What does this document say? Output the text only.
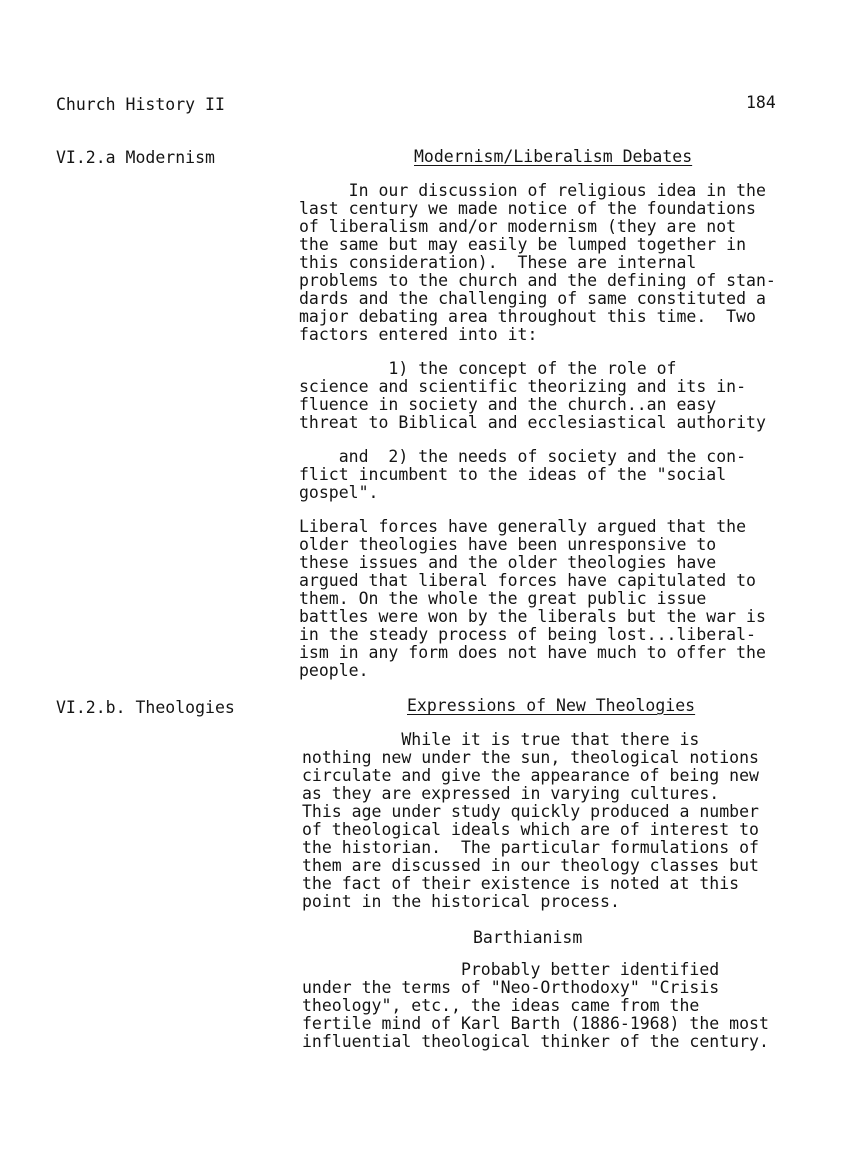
Church History II	184
VI.2.a Modernism	Modernism/Liberalism Debates
In our discussion of religious idea in the
last century we made notice of the foundations
of liberalism and/or modernism (they are not
the same but may easily be lumped together in
this consideration).  These are internal
problems to the church and the defining of stan-
dards and the challenging of same constituted a
major debating area throughout this time.  Two
factors entered into it:
1) the concept of the role of
science and scientific theorizing and its in-
fluence in society and the church..an easy
threat to Biblical and ecclesiastical authority
and  2) the needs of society and the con-
flict incumbent to the ideas of the "social
gospel".
Liberal forces have generally argued that the
older theologies have been unresponsive to
these issues and the older theologies have
argued that liberal forces have capitulated to
them. On the whole the great public issue
battles were won by the liberals but the war is
in the steady process of being lost...liberal-
ism in any form does not have much to offer the
people.
VI.2.b. Theologies	Expressions of New Theologies
While it is true that there is
nothing new under the sun, theological notions
circulate and give the appearance of being new
as they are expressed in varying cultures.
This age under study quickly produced a number
of theological ideals which are of interest to
the historian.  The particular formulations of
them are discussed in our theology classes but
the fact of their existence is noted at this
point in the historical process.
Barthianism
Probably better identified
under the terms of "Neo-Orthodoxy" "Crisis
theology", etc., the ideas came from the
fertile mind of Karl Barth (1886-1968) the most
influential theological thinker of the century.
